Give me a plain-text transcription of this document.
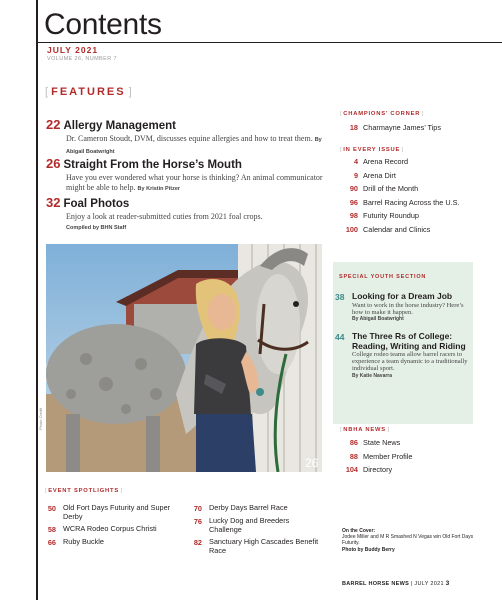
Contents
JULY 2021
VOLUME 26, NUMBER 7
[ FEATURES ]
22 Allergy Management
Dr. Cameron Stoudt, DVM, discusses equine allergies and how to treat them. By Abigail Boatwright
26 Straight From the Horse’s Mouth
Have you ever wondered what your horse is thinking? An animal communicator might be able to help. By Kristin Pitzer
32 Foal Photos
Enjoy a look at reader-submitted cuties from 2021 foal crops.
Compiled by BHN Staff
26
Photo Credit
[ CHAMPIONS’ CORNER ]
18 Charmayne James’ Tips
[ IN EVERY ISSUE ]
4 Arena Record
9 Arena Dirt
90 Drill of the Month
96 Barrel Racing Across the U.S.
98 Futurity Roundup
100 Calendar and Clinics
SPECIAL YOUTH SECTION
38 Looking for a Dream Job
Want to work in the horse industry? Here’s how to make it happen.
By Abigail Boatwright
44 The Three Rs of College: Reading, Writing and Riding
College rodeo teams allow barrel racers to experience a team dynamic to a traditionally individual sport.
By Katie Navarra
[ NBHA NEWS ]
86 State News
88 Member Profile
104 Directory
[ EVENT SPOTLIGHTS ]
50 Old Fort Days Futurity and Super Derby
58 WCRA Rodeo Corpus Christi
66 Ruby Buckle
70 Derby Days Barrel Race
76 Lucky Dog and Breeders Challenge
82 Sanctuary High Cascades Benefit Race
On the Cover:
Jodee Miller and M R Smashed N Vegas win Old Fort Days Futurity.
Photo by Buddy Berry
BARREL HORSE NEWS | JULY 2021 3
